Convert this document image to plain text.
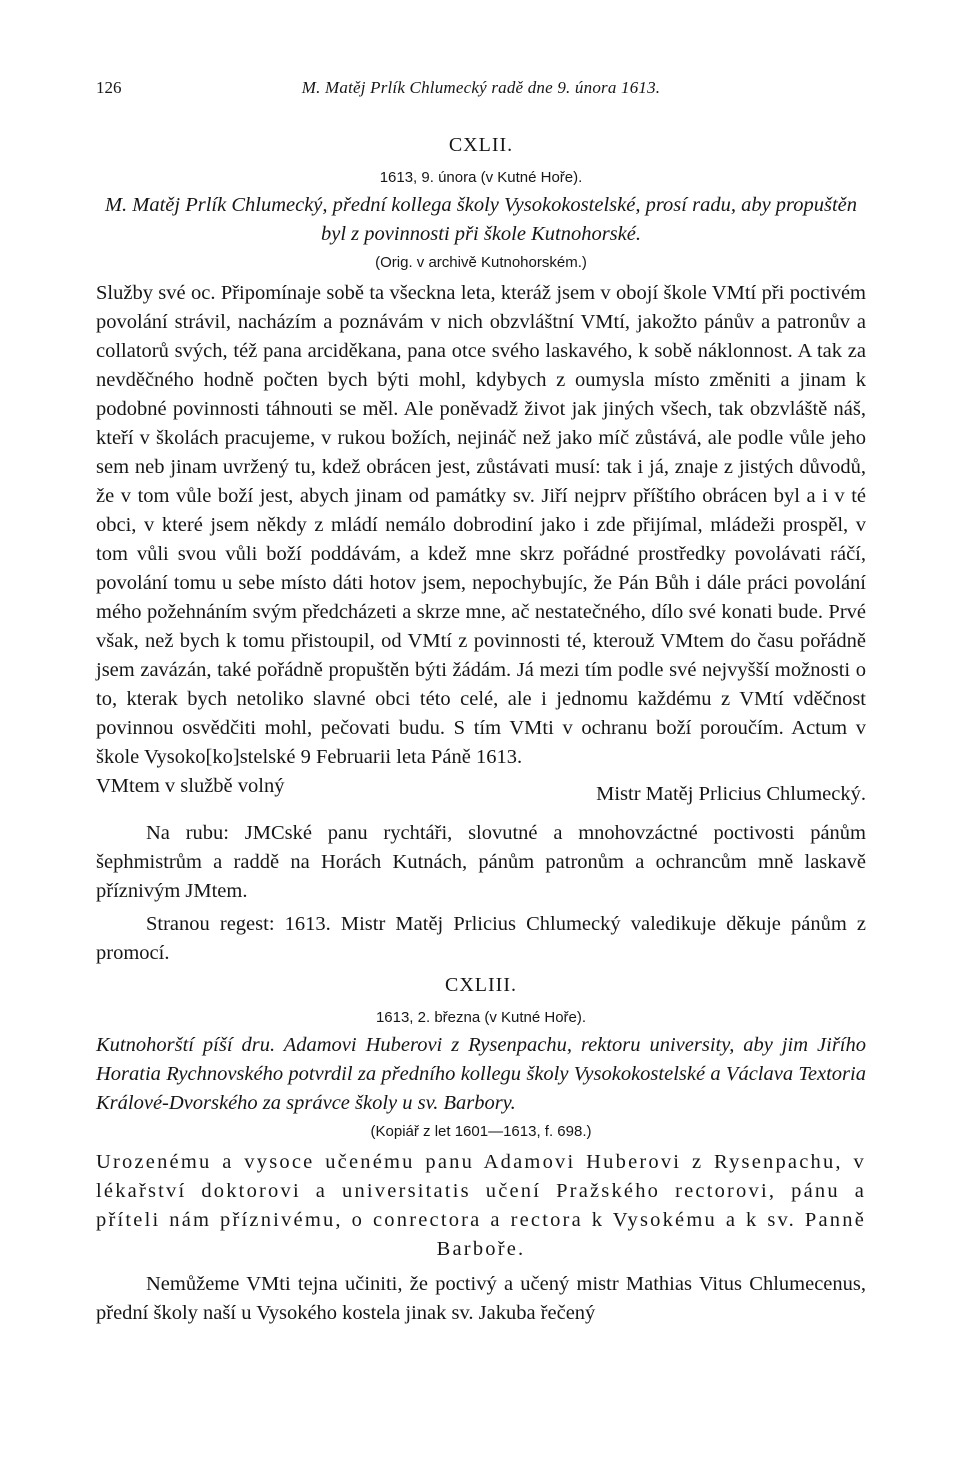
126	M. Matěj Prlík Chlumecký radě dne 9. února 1613.

CXLII.

1613, 9. února (v Kutné Hoře).

M. Matěj Prlík Chlumecký, přední kollega školy Vysokokostelské, prosí radu, aby propuštěn byl z povinnosti při škole Kutnohorské.

(Orig. v archivě Kutnohorském.)

Služby své oc. Připomínaje sobě ta všeckna leta, kteráž jsem v obojí škole VMtí při poctivém povolání strávil, nacházím a poznávám v nich obzvláštní VMtí, jakožto pánův a patronův a collatorů svých, též pana arciděkana, pana otce svého laskavého, k sobě náklonnost. A tak za nevděčného hodně počten bych býti mohl, kdybych z oumysla místo změniti a jinam k podobné povinnosti táhnouti se měl. Ale poněvadž život jak jiných všech, tak obzvláště náš, kteří v školách pracujeme, v rukou božích, nejináč než jako míč zůstává, ale podle vůle jeho sem neb jinam uvržený tu, kdež obrácen jest, zůstávati musí: tak i já, znaje z jistých důvodů, že v tom vůle boží jest, abych jinam od památky sv. Jiří nejprv příštího obrácen byl a i v té obci, v které jsem někdy z mládí nemálo dobrodiní jako i zde přijímal, mládeži prospěl, v tom vůli svou vůli boží poddávám, a kdež mne skrz pořádné prostředky povolávati ráčí, povolání tomu u sebe místo dáti hotov jsem, nepochybujíc, že Pán Bůh i dále práci povolání mého požehnáním svým předcházeti a skrze mne, ač nestatečného, dílo své konati bude. Prvé však, než bych k tomu přistoupil, od VMtí z povinnosti té, kterouž VMtem do času pořádně jsem zavázán, také pořádně propuštěn býti žádám. Já mezi tím podle své nejvyšší možnosti o to, kterak bych netoliko slavné obci této celé, ale i jednomu každému z VMtí vděčnost povinnou osvědčiti mohl, pečovati budu. S tím VMti v ochranu boží poroučím. Actum v škole Vysoko[ko]stelské 9 Februarii leta Páně 1613.

VMtem v službě volný	Mistr Matěj Prlicius Chlumecký.

Na rubu: JMCské panu rychtáři, slovutné a mnohovzáctné poctivosti pánům šephmistrům a raddě na Horách Kutnách, pánům patronům a ochrancům mně laskavě příznivým JMtem.

Stranou regest: 1613. Mistr Matěj Prlicius Chlumecký valedikuje děkuje pánům z promocí.

CXLIII.

1613, 2. března (v Kutné Hoře).

Kutnohorští píší dru. Adamovi Huberovi z Rysenpachu, rektoru university, aby jim Jiřího Horatia Rychnovského potvrdil za předního kollegu školy Vysokokostelské a Václava Textoria Králové-Dvorského za správce školy u sv. Barbory.

(Kopiář z let 1601—1613, f. 698.)

Urozenému a vysoce učenému panu Adamovi Huberovi z Rysenpachu, v lékařství doktorovi a universitatis učení Pražského rectorovi, pánu a příteli nám příznivému, o conrectora a rectora k Vysokému a k sv. Panně Barboře.

Nemůžeme VMti tejna učiniti, že poctivý a učený mistr Mathias Vitus Chlumecenus, přední školy naší u Vysokého kostela jinak sv. Jakuba řečený
